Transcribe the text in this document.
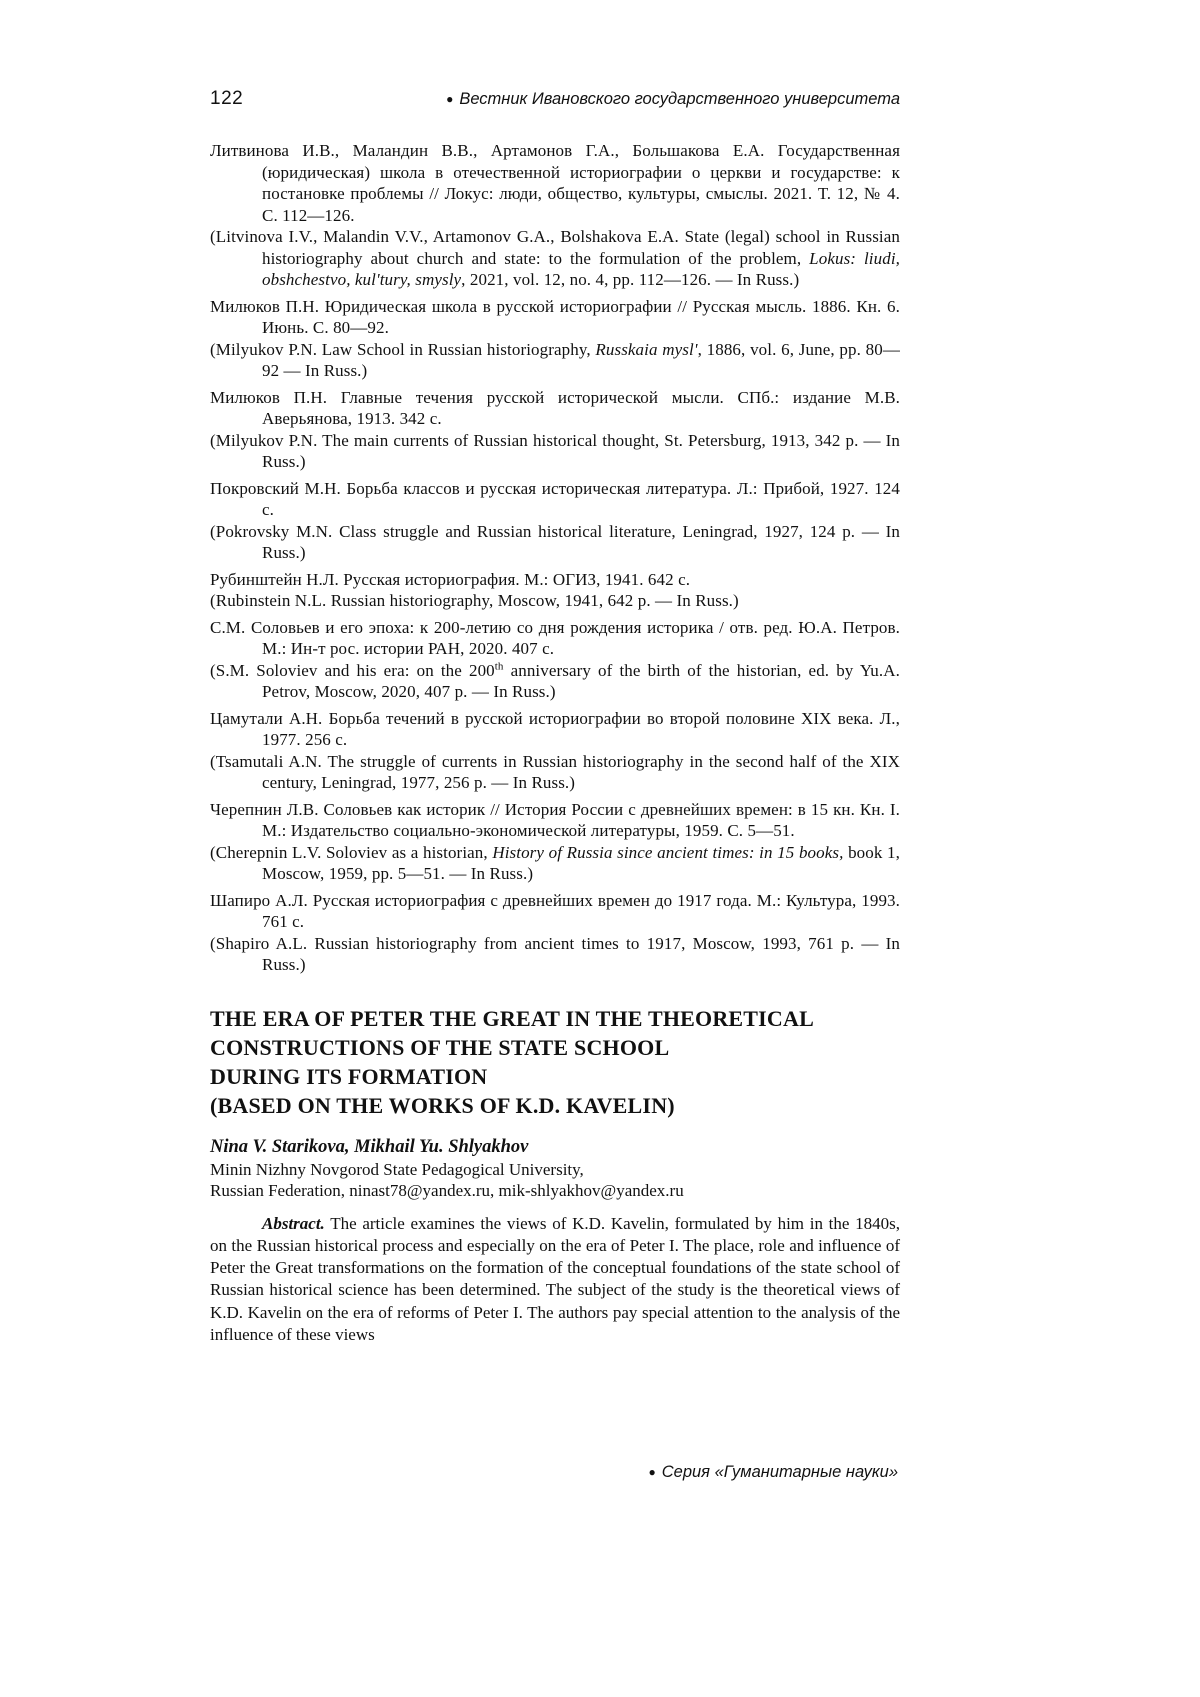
122	● Вестник Ивановского государственного университета

Литвинова И.В., Маландин В.В., Артамонов Г.А., Большакова Е.А. Государственная (юридическая) школа в отечественной историографии о церкви и государстве: к постановке проблемы // Локус: люди, общество, культуры, смыслы. 2021. Т. 12, № 4. С. 112—126.

(Litvinova I.V., Malandin V.V., Artamonov G.A., Bolshakova E.A. State (legal) school in Russian historiography about church and state: to the formulation of the problem, Lokus: liudi, obshchestvo, kul'tury, smysly, 2021, vol. 12, no. 4, pp. 112—126. — In Russ.)

Милюков П.Н. Юридическая школа в русской историографии // Русская мысль. 1886. Кн. 6. Июнь. С. 80—92.

(Milyukov P.N. Law School in Russian historiography, Russkaia mysl', 1886, vol. 6, June, pp. 80—92 — In Russ.)

Милюков П.Н. Главные течения русской исторической мысли. СПб.: издание М.В. Аверьянова, 1913. 342 с.

(Milyukov P.N. The main currents of Russian historical thought, St. Petersburg, 1913, 342 p. — In Russ.)

Покровский М.Н. Борьба классов и русская историческая литература. Л.: Прибой, 1927. 124 с.

(Pokrovsky M.N. Class struggle and Russian historical literature, Leningrad, 1927, 124 p. — In Russ.)

Рубинштейн Н.Л. Русская историография. М.: ОГИЗ, 1941. 642 с.

(Rubinstein N.L. Russian historiography, Moscow, 1941, 642 p. — In Russ.)

С.М. Соловьев и его эпоха: к 200-летию со дня рождения историка / отв. ред. Ю.А. Петров. М.: Ин-т рос. истории РАН, 2020. 407 с.

(S.M. Soloviev and his era: on the 200th anniversary of the birth of the historian, ed. by Yu.A. Petrov, Moscow, 2020, 407 p. — In Russ.)

Цамутали А.Н. Борьба течений в русской историографии во второй половине XIX века. Л., 1977. 256 с.

(Tsamutali A.N. The struggle of currents in Russian historiography in the second half of the XIX century, Leningrad, 1977, 256 p. — In Russ.)

Черепнин Л.В. Соловьев как историк // История России с древнейших времен: в 15 кн. Кн. I. М.: Издательство социально-экономической литературы, 1959. С. 5—51.

(Cherepnin L.V. Soloviev as a historian, History of Russia since ancient times: in 15 books, book 1, Moscow, 1959, pp. 5—51. — In Russ.)

Шапиро А.Л. Русская историография с древнейших времен до 1917 года. М.: Культура, 1993. 761 с.

(Shapiro A.L. Russian historiography from ancient times to 1917, Moscow, 1993, 761 p. — In Russ.)

THE ERA OF PETER THE GREAT IN THE THEORETICAL
CONSTRUCTIONS OF THE STATE SCHOOL
DURING ITS FORMATION
(BASED ON THE WORKS OF K.D. KAVELIN)
Nina V. Starikova, Mikhail Yu. Shlyakhov
Minin Nizhny Novgorod State Pedagogical University,
Russian Federation, ninast78@yandex.ru, mik-shlyakhov@yandex.ru

Abstract. The article examines the views of K.D. Kavelin, formulated by him in the 1840s, on the Russian historical process and especially on the era of Peter I. The place, role and influence of Peter the Great transformations on the formation of the conceptual foundations of the state school of Russian historical science has been determined. The subject of the study is the theoretical views of K.D. Kavelin on the era of reforms of Peter I. The authors pay special attention to the analysis of the influence of these views

● Серия «Гуманитарные науки»
